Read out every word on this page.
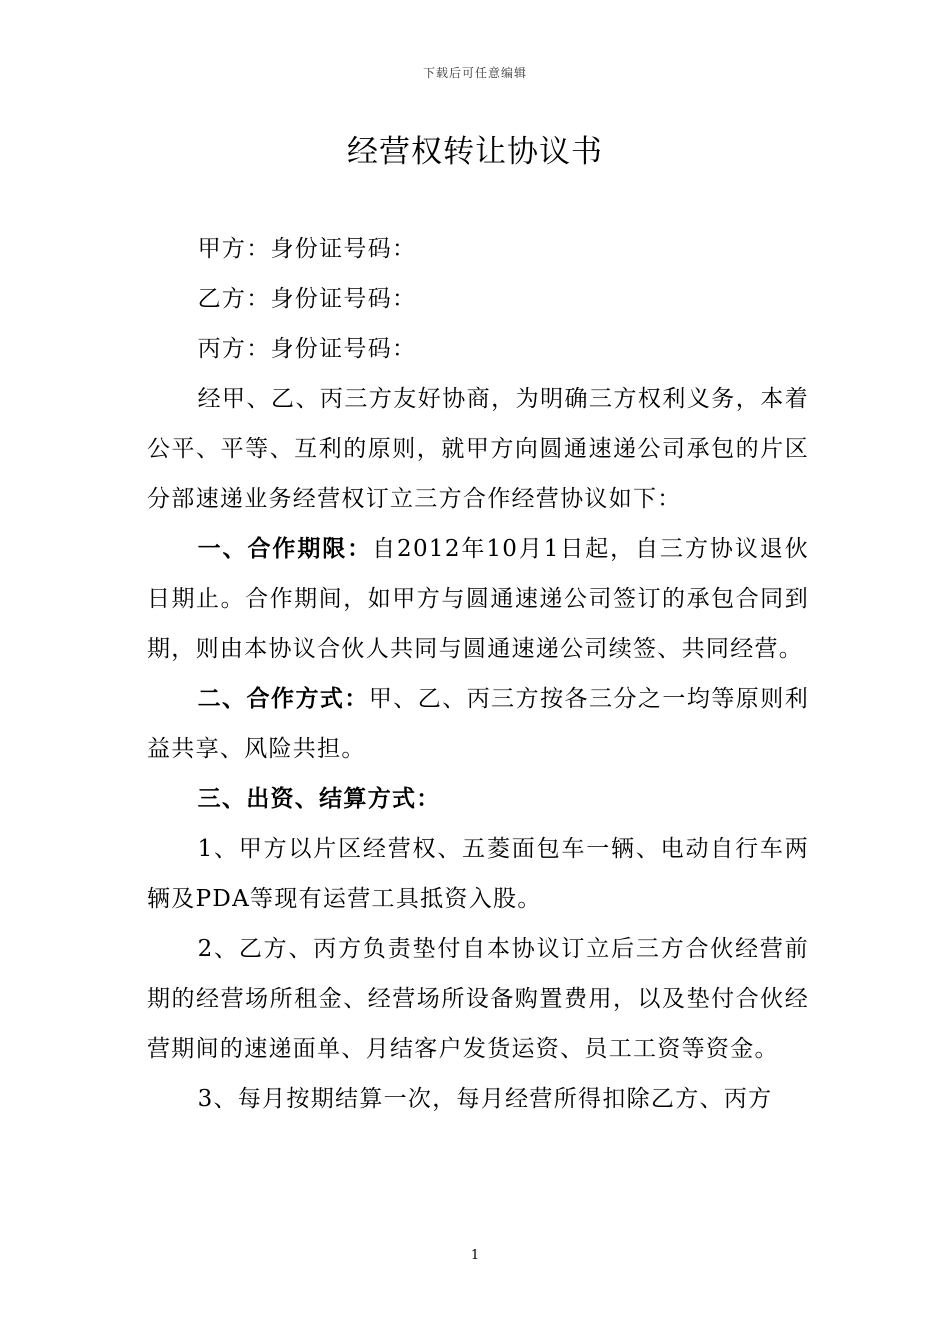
下载后可任意编辑
经营权转让协议书

甲方：身份证号码：

乙方：身份证号码：

丙方：身份证号码：

经甲、乙、丙三方友好协商，为明确三方权利义务，本着公平、平等、互利的原则，就甲方向圆通速递公司承包的片区分部速递业务经营权订立三方合作经营协议如下：

一、合作期限：自2012年10月1日起，自三方协议退伙日期止。合作期间，如甲方与圆通速递公司签订的承包合同到期，则由本协议合伙人共同与圆通速递公司续签、共同经营。

二、合作方式：甲、乙、丙三方按各三分之一均等原则利益共享、风险共担。

三、出资、结算方式：

1、甲方以片区经营权、五菱面包车一辆、电动自行车两辆及PDA等现有运营工具抵资入股。

2、乙方、丙方负责垫付自本协议订立后三方合伙经营前期的经营场所租金、经营场所设备购置费用，以及垫付合伙经营期间的速递面单、月结客户发货运资、员工工资等资金。

3、每月按期结算一次，每月经营所得扣除乙方、丙方

1
